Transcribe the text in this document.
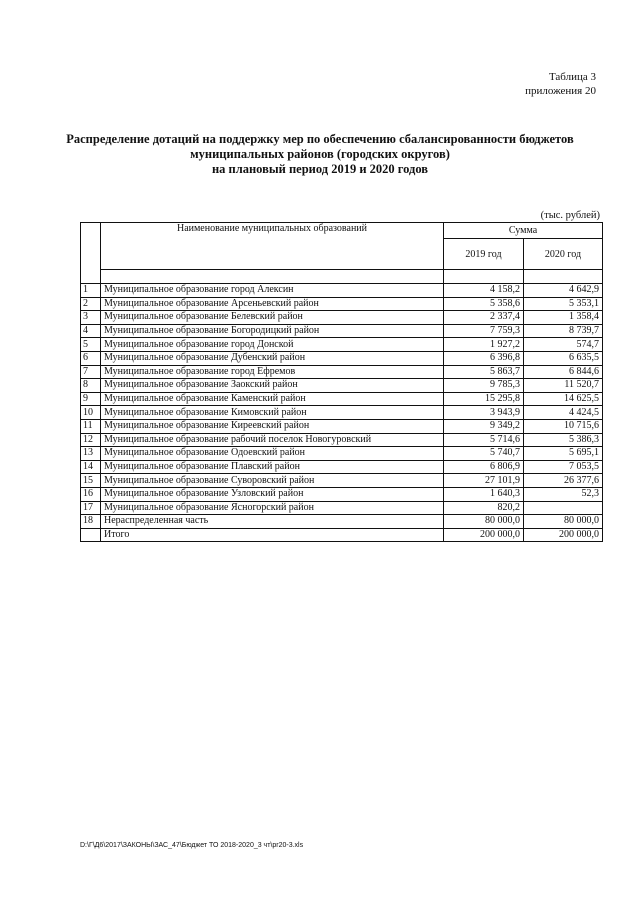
Таблица 3
приложения 20
Распределение дотаций на поддержку мер по обеспечению сбалансированности бюджетов
муниципальных районов (городских округов)
на плановый период 2019 и 2020 годов
(тыс. рублей)
	Наименование муниципальных образований	Сумма	
		2019 год	2020 год

1	Муниципальное образование город Алексин	4 158,2	4 642,9
2	Муниципальное образование Арсеньевский район	5 358,6	5 353,1
3	Муниципальное образование Белевский район	2 337,4	1 358,4
4	Муниципальное образование Богородицкий район	7 759,3	8 739,7
5	Муниципальное образование город Донской	1 927,2	574,7
6	Муниципальное образование Дубенский район	6 396,8	6 635,5
7	Муниципальное образование город Ефремов	5 863,7	6 844,6
8	Муниципальное образование Заокский район	9 785,3	11 520,7
9	Муниципальное образование Каменский район	15 295,8	14 625,5
10	Муниципальное образование Кимовский район	3 943,9	4 424,5
11	Муниципальное образование Киреевский район	9 349,2	10 715,6
12	Муниципальное образование рабочий поселок Новогуровский	5 714,6	5 386,3
13	Муниципальное образование Одоевский район	5 740,7	5 695,1
14	Муниципальное образование Плавский район	6 806,9	7 053,5
15	Муниципальное образование Суворовский район	27 101,9	26 377,6
16	Муниципальное образование Узловский район	1 640,3	52,3
17	Муниципальное образование Ясногорский район	820,2	
18	Нераспределенная часть	80 000,0	80 000,0
	Итого	200 000,0	200 000,0
D:\Г\Д6\2017\ЗАКОНЫ\ЗАС_47\Бюджет ТО 2018-2020_3 чт\pr20-3.xls
